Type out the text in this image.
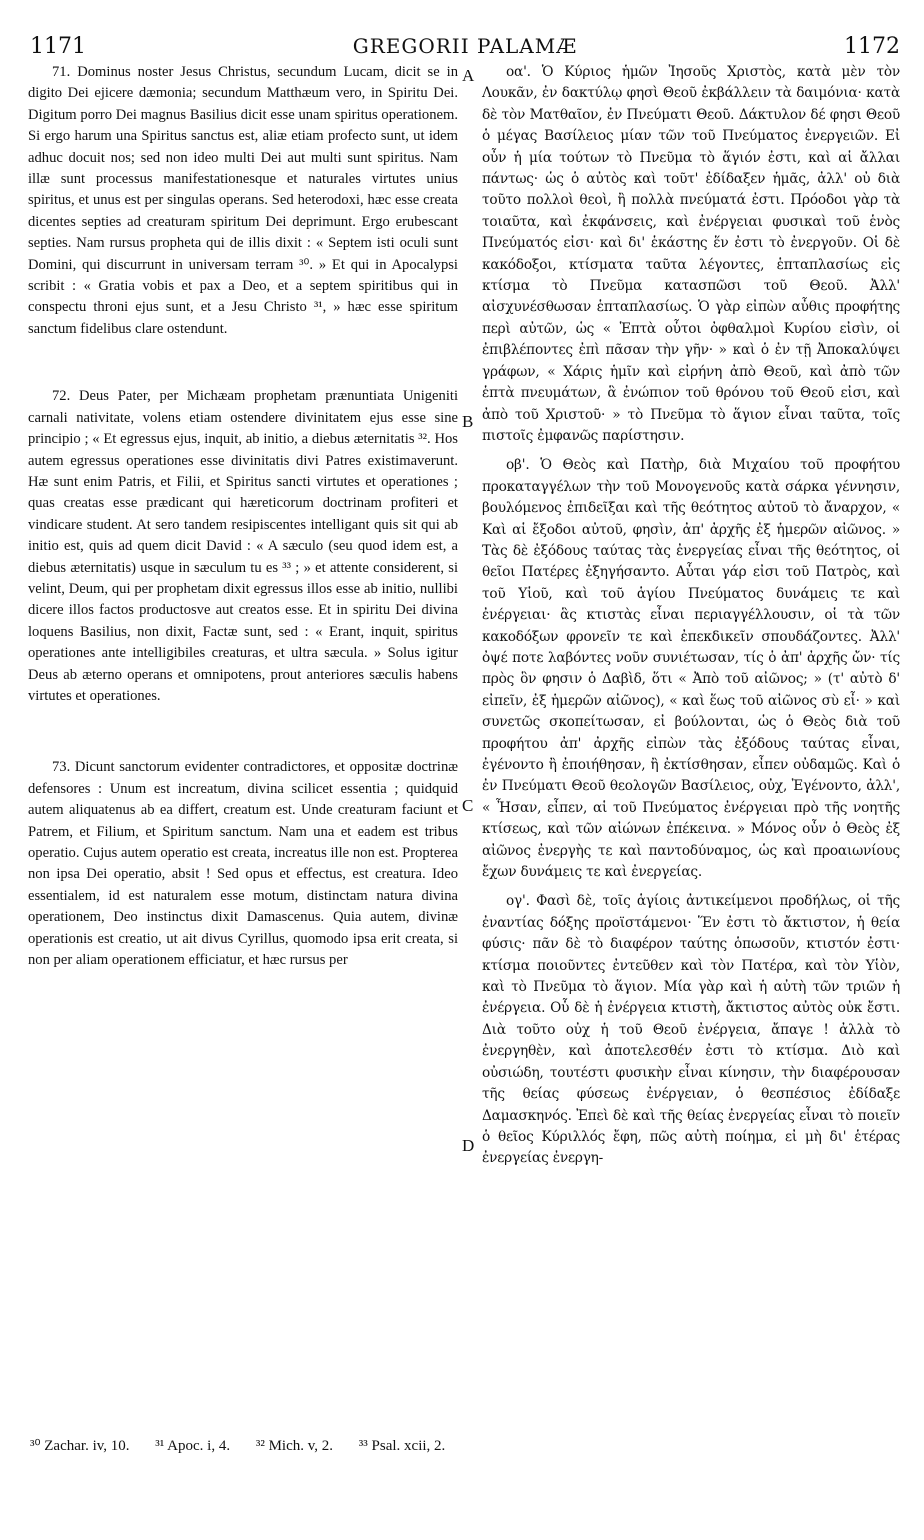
1171	GREGORII PALAMÆ	1172
A
B
C
D

71. Dominus noster Jesus Christus, secundum Lucam, dicit se in digito Dei ejicere dæmonia; secundum Matthæum vero, in Spiritu Dei. Digitum porro Dei magnus Basilius dicit esse unam spiritus operationem. Si ergo harum una Spiritus sanctus est, aliæ etiam profecto sunt, ut idem adhuc docuit nos; sed non ideo multi Dei aut multi sunt spiritus. Nam illæ sunt processus manifestationesque et naturales virtutes unius spiritus, et unus est per singulas operans. Sed heterodoxi, hæc esse creata dicentes septies ad creaturam spiritum Dei deprimunt. Ergo erubescant septies. Nam rursus propheta qui de illis dixit : « Septem isti oculi sunt Domini, qui discurrunt in universam terram ³⁰. » Et qui in Apocalypsi scribit : « Gratia vobis et pax a Deo, et a septem spiritibus qui in conspectu throni ejus sunt, et a Jesu Christo ³¹, » hæc esse spiritum sanctum fidelibus clare ostendunt.

72. Deus Pater, per Michæam prophetam prænuntiata Unigeniti carnali nativitate, volens etiam ostendere divinitatem ejus esse sine principio ; « Et egressus ejus, inquit, ab initio, a diebus æternitatis ³². Hos autem egressus operationes esse divinitatis divi Patres existimaverunt. Hæ sunt enim Patris, et Filii, et Spiritus sancti virtutes et operationes ; quas creatas esse prædicant qui hæreticorum doctrinam profiteri et vindicare student. At sero tandem resipiscentes intelligant quis sit qui ab initio est, quis ad quem dicit David : « A sæculo (seu quod idem est, a diebus æternitatis) usque in sæculum tu es ³³ ; » et attente considerent, si velint, Deum, qui per prophetam dixit egressus illos esse ab initio, nullibi dicere illos factos productosve aut creatos esse. Et in spiritu Dei divina loquens Basilius, non dixit, Factæ sunt, sed : « Erant, inquit, spiritus operationes ante intelligibiles creaturas, et ultra sæcula. » Solus igitur Deus ab æterno operans et omnipotens, prout anteriores sæculis habens virtutes et operationes.

73. Dicunt sanctorum evidenter contradictores, et oppositæ doctrinæ defensores : Unum est increatum, divina scilicet essentia ; quidquid autem aliquatenus ab ea differt, creatum est. Unde creaturam faciunt et Patrem, et Filium, et Spiritum sanctum. Nam una et eadem est tribus operatio. Cujus autem operatio est creata, increatus ille non est. Propterea non ipsa Dei operatio, absit ! Sed opus et effectus, est creatura. Ideo essentialem, id est naturalem esse motum, distinctam natura divina operationem, Deo instinctus dixit Damascenus. Quia autem, divinæ operationis est creatio, ut ait divus Cyrillus, quomodo ipsa erit creata, si non per aliam operationem efficiatur, et hæc rursus per

οα'. Ὁ Κύριος ἡμῶν Ἰησοῦς Χριστὸς, κατὰ μὲν τὸν Λουκᾶν, ἐν δακτύλῳ φησὶ Θεοῦ ἐκβάλλειν τὰ δαιμόνια· κατὰ δὲ τὸν Ματθαῖον, ἐν Πνεύματι Θεοῦ. Δάκτυλον δέ φησι Θεοῦ ὁ μέγας Βασίλειος μίαν τῶν τοῦ Πνεύματος ἐνεργειῶν. Εἰ οὖν ἡ μία τούτων τὸ Πνεῦμα τὸ ἅγιόν ἐστι, καὶ αἱ ἄλλαι πάντως· ὡς ὁ αὐτὸς καὶ τοῦτ' ἐδίδαξεν ἡμᾶς, ἀλλ' οὐ διὰ τοῦτο πολλοὶ θεοὶ, ἢ πολλὰ πνεύματά ἐστι. Πρόοδοι γὰρ τὰ τοιαῦτα, καὶ ἐκφάνσεις, καὶ ἐνέργειαι φυσικαὶ τοῦ ἑνὸς Πνεύματός εἰσι· καὶ δι' ἑκάστης ἕν ἐστι τὸ ἐνεργοῦν. Οἱ δὲ κακόδοξοι, κτίσματα ταῦτα λέγοντες, ἑπταπλασίως εἰς κτίσμα τὸ Πνεῦμα κατασπῶσι τοῦ Θεοῦ. Ἀλλ' αἰσχυνέσθωσαν ἑπταπλασίως. Ὁ γὰρ εἰπὼν αὖθις προφήτης περὶ αὐτῶν, ὡς « Ἑπτὰ οὗτοι ὀφθαλμοὶ Κυρίου εἰσὶν, οἱ ἐπιβλέποντες ἐπὶ πᾶσαν τὴν γῆν· » καὶ ὁ ἐν τῇ Ἀποκαλύψει γράφων, « Χάρις ἡμῖν καὶ εἰρήνη ἀπὸ Θεοῦ, καὶ ἀπὸ τῶν ἑπτὰ πνευμάτων, ἃ ἐνώπιον τοῦ θρόνου τοῦ Θεοῦ εἰσι, καὶ ἀπὸ τοῦ Χριστοῦ· » τὸ Πνεῦμα τὸ ἅγιον εἶναι ταῦτα, τοῖς πιστοῖς ἐμφανῶς παρίστησιν.

οβ'. Ὁ Θεὸς καὶ Πατὴρ, διὰ Μιχαίου τοῦ προφήτου προκαταγγέλων τὴν τοῦ Μονογενοῦς κατὰ σάρκα γέννησιν, βουλόμενος ἐπιδεῖξαι καὶ τῆς θεότητος αὐτοῦ τὸ ἄναρχον, « Καὶ αἱ ἔξοδοι αὐτοῦ, φησὶν, ἀπ' ἀρχῆς ἐξ ἡμερῶν αἰῶνος. » Τὰς δὲ ἐξόδους ταύτας τὰς ἐνεργείας εἶναι τῆς θεότητος, οἱ θεῖοι Πατέρες ἐξηγήσαντο. Αὗται γάρ εἰσι τοῦ Πατρὸς, καὶ τοῦ Υἱοῦ, καὶ τοῦ ἁγίου Πνεύματος δυνάμεις τε καὶ ἐνέργειαι· ἃς κτιστὰς εἶναι περιαγγέλλουσιν, οἱ τὰ τῶν κακοδόξων φρονεῖν τε καὶ ἐπεκδικεῖν σπουδάζοντες. Ἀλλ' ὀψέ ποτε λαβόντες νοῦν συνιέτωσαν, τίς ὁ ἀπ' ἀρχῆς ὤν· τίς πρὸς ὃν φησιν ὁ Δαβὶδ, ὅτι « Ἀπὸ τοῦ αἰῶνος; » (τ' αὐτὸ δ' εἰπεῖν, ἐξ ἡμερῶν αἰῶνος), « καὶ ἕως τοῦ αἰῶνος σὺ εἶ· » καὶ συνετῶς σκοπείτωσαν, εἰ βούλονται, ὡς ὁ Θεὸς διὰ τοῦ προφήτου ἀπ' ἀρχῆς εἰπὼν τὰς ἐξόδους ταύτας εἶναι, ἐγένοντο ἢ ἐποιήθησαν, ἢ ἐκτίσθησαν, εἶπεν οὐδαμῶς. Καὶ ὁ ἐν Πνεύματι Θεοῦ θεολογῶν Βασίλειος, οὐχ, Ἐγένοντο, ἀλλ', « Ἦσαν, εἶπεν, αἱ τοῦ Πνεύματος ἐνέργειαι πρὸ τῆς νοητῆς κτίσεως, καὶ τῶν αἰώνων ἐπέκεινα. » Μόνος οὖν ὁ Θεὸς ἐξ αἰῶνος ἐνεργὴς τε καὶ παντοδύναμος, ὡς καὶ προαιωνίους ἔχων δυνάμεις τε καὶ ἐνεργείας.

ογ'. Φασὶ δὲ, τοῖς ἁγίοις ἀντικείμενοι προδήλως, οἱ τῆς ἐναντίας δόξης προϊστάμενοι· Ἕν ἐστι τὸ ἄκτιστον, ἡ θεία φύσις· πᾶν δὲ τὸ διαφέρον ταύτης ὁπωσοῦν, κτιστόν ἐστι· κτίσμα ποιοῦντες ἐντεῦθεν καὶ τὸν Πατέρα, καὶ τὸν Υἱὸν, καὶ τὸ Πνεῦμα τὸ ἅγιον. Μία γὰρ καὶ ἡ αὐτὴ τῶν τριῶν ἡ ἐνέργεια. Οὗ δὲ ἡ ἐνέργεια κτιστὴ, ἄκτιστος αὐτὸς οὐκ ἔστι. Διὰ τοῦτο οὐχ ἡ τοῦ Θεοῦ ἐνέργεια, ἄπαγε ! ἀλλὰ τὸ ἐνεργηθὲν, καὶ ἀποτελεσθέν ἐστι τὸ κτίσμα. Διὸ καὶ οὐσιώδη, τουτέστι φυσικὴν εἶναι κίνησιν, τὴν διαφέρουσαν τῆς θείας φύσεως ἐνέργειαν, ὁ θεσπέσιος ἐδίδαξε Δαμασκηνός. Ἐπεὶ δὲ καὶ τῆς θείας ἐνεργείας εἶναι τὸ ποιεῖν ὁ θεῖος Κύριλλός ἔφη, πῶς αὐτὴ ποίημα, εἰ μὴ δι' ἑτέρας ἐνεργείας ἐνεργη-

³⁰ Zachar. iv, 10. ³¹ Apoc. i, 4. ³² Mich. v, 2. ³³ Psal. xcii, 2.
